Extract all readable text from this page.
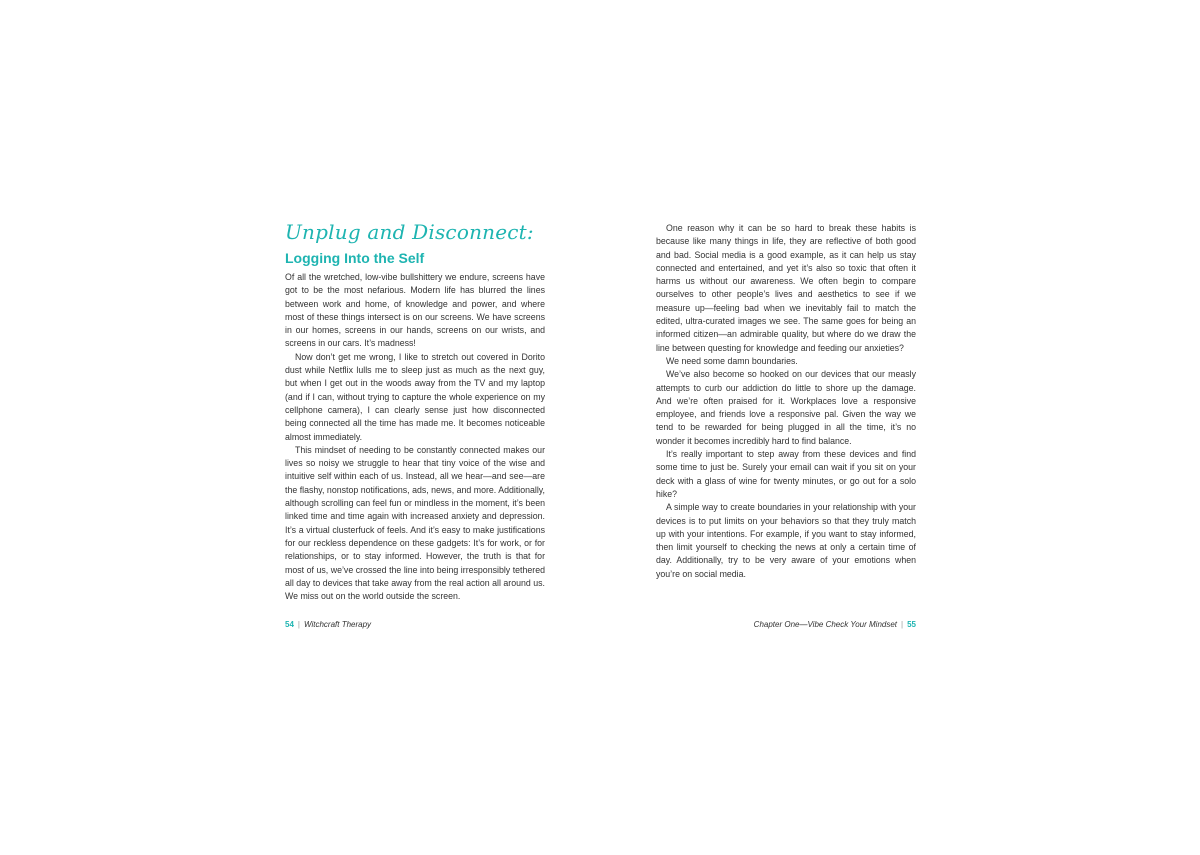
Unplug and Disconnect:
Logging Into the Self

Of all the wretched, low-vibe bullshittery we endure, screens have got to be the most nefarious. Modern life has blurred the lines between work and home, of knowledge and power, and where most of these things intersect is on our screens. We have screens in our homes, screens in our hands, screens on our wrists, and screens in our cars. It’s madness!

Now don’t get me wrong, I like to stretch out covered in Dorito dust while Netflix lulls me to sleep just as much as the next guy, but when I get out in the woods away from the TV and my laptop (and if I can, without trying to capture the whole experience on my cellphone camera), I can clearly sense just how disconnected being connected all the time has made me. It becomes noticeable almost immediately.

This mindset of needing to be constantly connected makes our lives so noisy we struggle to hear that tiny voice of the wise and intuitive self within each of us. Instead, all we hear—and see—are the flashy, nonstop notifications, ads, news, and more. Additionally, although scrolling can feel fun or mindless in the moment, it’s been linked time and time again with increased anxiety and depression. It’s a virtual clusterfuck of feels. And it’s easy to make justifications for our reckless dependence on these gadgets: It’s for work, or for relationships, or to stay informed. However, the truth is that for most of us, we’ve crossed the line into being irresponsibly tethered all day to devices that take away from the real action all around us. We miss out on the world outside the screen.

54 | Witchcraft Therapy

One reason why it can be so hard to break these habits is because like many things in life, they are reflective of both good and bad. Social media is a good example, as it can help us stay connected and entertained, and yet it’s also so toxic that often it harms us without our awareness. We often begin to compare ourselves to other people’s lives and aesthetics to see if we measure up—feeling bad when we inevitably fail to match the edited, ultra-curated images we see. The same goes for being an informed citizen—an admirable quality, but where do we draw the line between questing for knowledge and feeding our anxieties?

We need some damn boundaries.

We’ve also become so hooked on our devices that our measly attempts to curb our addiction do little to shore up the damage. And we’re often praised for it. Workplaces love a responsive employee, and friends love a responsive pal. Given the way we tend to be rewarded for being plugged in all the time, it’s no wonder it becomes incredibly hard to find balance.

It’s really important to step away from these devices and find some time to just be. Surely your email can wait if you sit on your deck with a glass of wine for twenty minutes, or go out for a solo hike?

A simple way to create boundaries in your relationship with your devices is to put limits on your behaviors so that they truly match up with your intentions. For example, if you want to stay informed, then limit yourself to checking the news at only a certain time of day. Additionally, try to be very aware of your emotions when you’re on social media.

Chapter One—Vibe Check Your Mindset | 55
